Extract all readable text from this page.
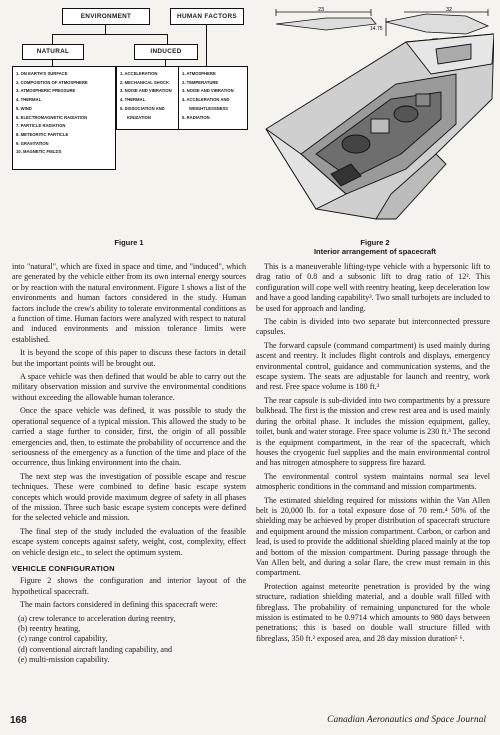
ENVIRONMENT	HUMAN FACTORS
NATURAL	INDUCED
1. ON EARTH'S SURFACE
2. COMPOSITION OF ATMOSPHERE
3. ATMOSPHERIC PRESSURE
4. THERMAL
5. WIND
6. ELECTROMAGNETIC RADIATION
7. PARTICLE RADIATION
8. METEORITIC PARTICLE
9. GRAVITATION
10. MAGNETIC FIELDS
1. ACCELERATION
2. MECHANICAL SHOCK
3. NOISE AND VIBRATION
4. THERMAL
5. DISSOCIATION AND
IONIZATION
1. ATMOSPHERE
2. TEMPERATURE
3. NOISE AND VIBRATION
4. ACCELERATION AND
WEIGHTLESSNESS
5. RADIATION
Figure 1
23	32
14.75
Figure 2
Interior arrangement of spacecraft

into "natural", which are fixed in space and time, and "induced", which are generated by the vehicle either from its own internal energy sources or by reaction with the natural environment. Figure 1 shows a list of the environments and human factors considered in the study. Human factors include the crew's ability to tolerate environmental conditions as a function of time. Human factors were analyzed with respect to natural and induced environments and mission tolerance limits were established.

It is beyond the scope of this paper to discuss these factors in detail but the important points will be brought out.

A space vehicle was then defined that would be able to carry out the military observation mission and survive the environmental conditions without exceeding the allowable human tolerance.

Once the space vehicle was defined, it was possible to study the operational sequence of a typical mission. This allowed the study to be carried a stage further to consider, first, the origin of all possible emergencies and, then, to estimate the probability of occurrence and the seriousness of the emergency as a function of the time and place of the occurrence, thus linking environment into the chain.

The next step was the investigation of possible escape and rescue techniques. These were combined to define basic escape system concepts which would provide maximum degree of safety in all phases of the mission. Three such basic escape system concepts were defined for the selected vehicle and mission.

The final step of the study included the evaluation of the feasible escape system concepts against safety, weight, cost, complexity, effect on vehicle design etc., to select the optimum system.

VEHICLE CONFIGURATION

Figure 2 shows the configuration and interior layout of the hypothetical spacecraft.

The main factors considered in defining this spacecraft were:

(a) crew tolerance to acceleration during reentry,
(b) reentry heating,
(c) range control capability,
(d) conventional aircraft landing capability, and
(e) multi-mission capability.

This is a maneuverable lifting-type vehicle with a hypersonic lift to drag ratio of 0.8 and a subsonic lift to drag ratio of 12². This configuration will cope well with reentry heating, keep deceleration low and have a good landing capability³. Two small turbojets are included to be used for approach and landing.

The cabin is divided into two separate but interconnected pressure capsules.

The forward capsule (command compartment) is used mainly during ascent and reentry. It includes flight controls and displays, emergency environmental control, guidance and communication systems, and the escape system. The seats are adjustable for launch and reentry, work and rest. Free space volume is 180 ft.³

The rear capsule is sub-divided into two compartments by a pressure bulkhead. The first is the mission and crew rest area and is used mainly during the orbital phase. It includes the mission equipment, galley, toilet, bunk and water storage. Free space volume is 230 ft.³ The second is the equipment compartment, in the rear of the spacecraft, which houses the cryogenic fuel supplies and the main environmental control and has nitrogen atmosphere to suppress fire hazard.

The environmental control system maintains normal sea level atmospheric conditions in the command and mission compartments.

The estimated shielding required for missions within the Van Allen belt is 20,000 lb. for a total exposure dose of 70 rem.⁴ 50% of the shielding may be achieved by proper distribution of spacecraft structure and equipment around the mission compartment. Carbon, or carbon and lead, is used to provide the additional shielding placed mainly at the top and bottom of the mission compartment. During passage through the Van Allen belt, and during a solar flare, the crew must remain in this compartment.

Protection against meteorite penetration is provided by the wing structure, radiation shielding material, and a double wall filled with fibreglass. The probability of remaining unpunctured for the whole mission is estimated to be 0.9714 which amounts to 980 days between penetrations; this is based on double wall structure filled with fibreglass, 350 ft.² exposed area, and 28 day mission duration⁵ ⁶.

168	Canadian Aeronautics and Space Journal
